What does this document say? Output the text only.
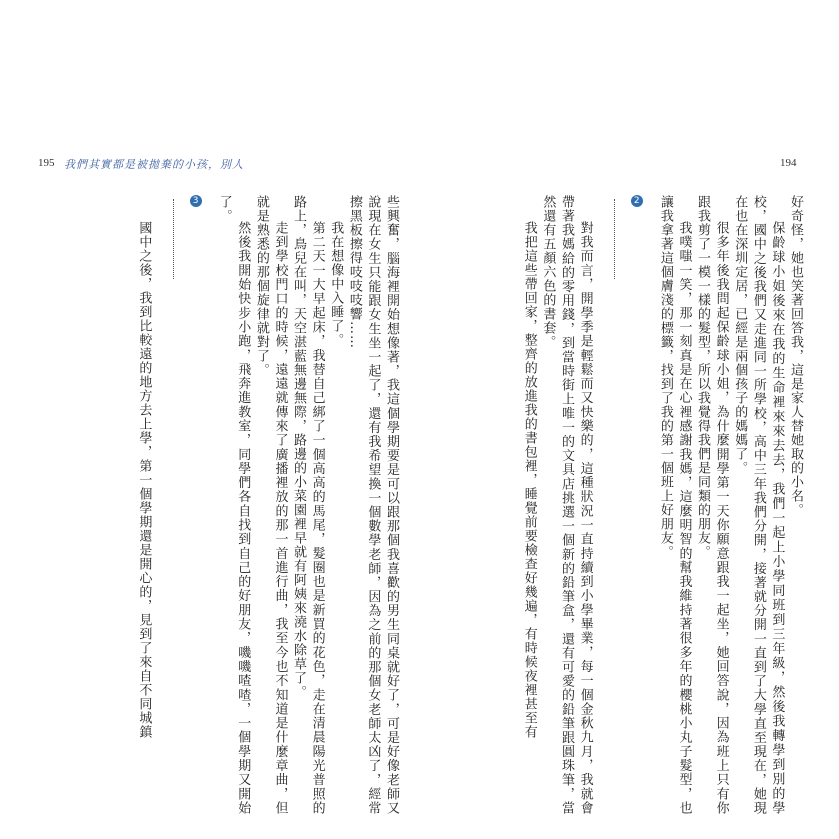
195 我們其實都是被拋棄的小孩，別人	194

好奇怪，她也笑著回答我，這是家人替她取的小名。

保齡球小姐後來在我的生命裡來來去去，我們一起上小學同班到三年級，然後我轉學到別的學校，國中之後我們又走進同一所學校，高中三年我們分開，接著就分開一直到了大學直至現在，她現在也在深圳定居，已經是兩個孩子的媽媽了。

很多年後我問起保齡球小姐，為什麼開學第一天你願意跟我一起坐，她回答說，因為班上只有你跟我剪了一模一樣的髮型，所以我覺得我們是同類的朋友。

我噗嗤一笑，那一刻真是在心裡感謝我媽，這麼明智的幫我維持著很多年的櫻桃小丸子髮型，也讓我拿著這個膚淺的標籤，找到了我的第一個班上好朋友。

2

對我而言，開學季是輕鬆而又快樂的，這種狀況一直持續到小學畢業，每一個金秋九月，我就會帶著我媽給的零用錢，到當時街上唯一的文具店挑選一個新的鉛筆盒，還有可愛的鉛筆跟圓珠筆，當然還有五顏六色的書套。

我把這些帶回家，整齊的放進我的書包裡，睡覺前要檢查好幾遍，有時候夜裡甚至有

些興奮，腦海裡開始想像著，我這個學期要是可以跟那個我喜歡的男生同桌就好了，可是好像老師又說現在女生只能跟女生坐一起了，還有我希望換一個數學老師，因為之前的那個女老師太凶了，經常擦黑板擦得吱吱吱響……

我在想像中入睡了。

第二天一大早起床，我替自己綁了一個高高的馬尾，髮圈也是新買的花色，走在清晨陽光普照的路上，鳥兒在叫，天空湛藍無邊無際，路邊的小菜園裡早就有阿姨來澆水除草了。

走到學校門口的時候，遠遠就傳來了廣播裡放的那一首進行曲，我至今也不知道是什麼章曲，但就是熟悉的那個旋律就對了。

然後我開始快步小跑，飛奔進教室，同學們各自找到自己的好朋友，嘰嘰喳喳，一個學期又開始了。

3

國中之後，我到比較遠的地方去上學，第一個學期還是開心的，見到了來自不同城鎮
